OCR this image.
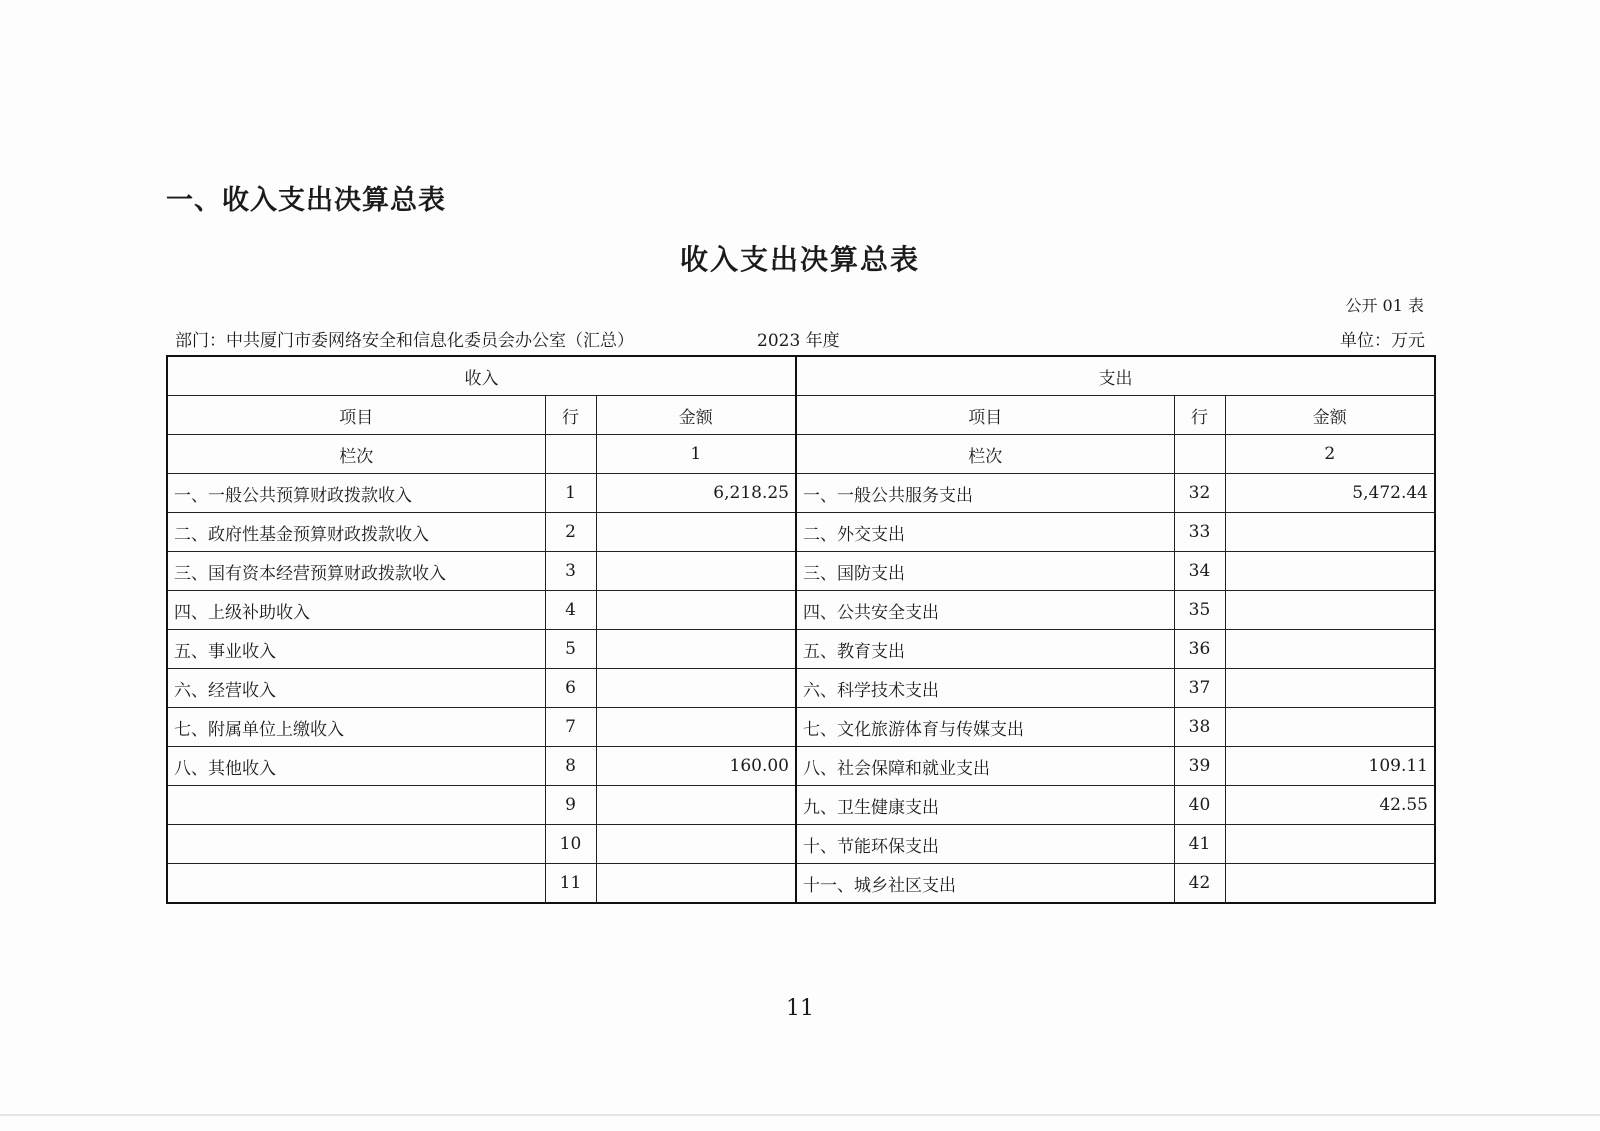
一、收入支出决算总表
收入支出决算总表
公开 01 表
部门：中共厦门市委网络安全和信息化委员会办公室（汇总）	2023 年度	单位：万元
收入			支出		
项目	行	金额	项目	行	金额
栏次		1	栏次		2
一、一般公共预算财政拨款收入	1	6,218.25	一、一般公共服务支出	32	5,472.44
二、政府性基金预算财政拨款收入	2		二、外交支出	33	
三、国有资本经营预算财政拨款收入	3		三、国防支出	34	
四、上级补助收入	4		四、公共安全支出	35	
五、事业收入	5		五、教育支出	36	
六、经营收入	6		六、科学技术支出	37	
七、附属单位上缴收入	7		七、文化旅游体育与传媒支出	38	
八、其他收入	8	160.00	八、社会保障和就业支出	39	109.11
	9		九、卫生健康支出	40	42.55
	10		十、节能环保支出	41	
	11		十一、城乡社区支出	42	
11
